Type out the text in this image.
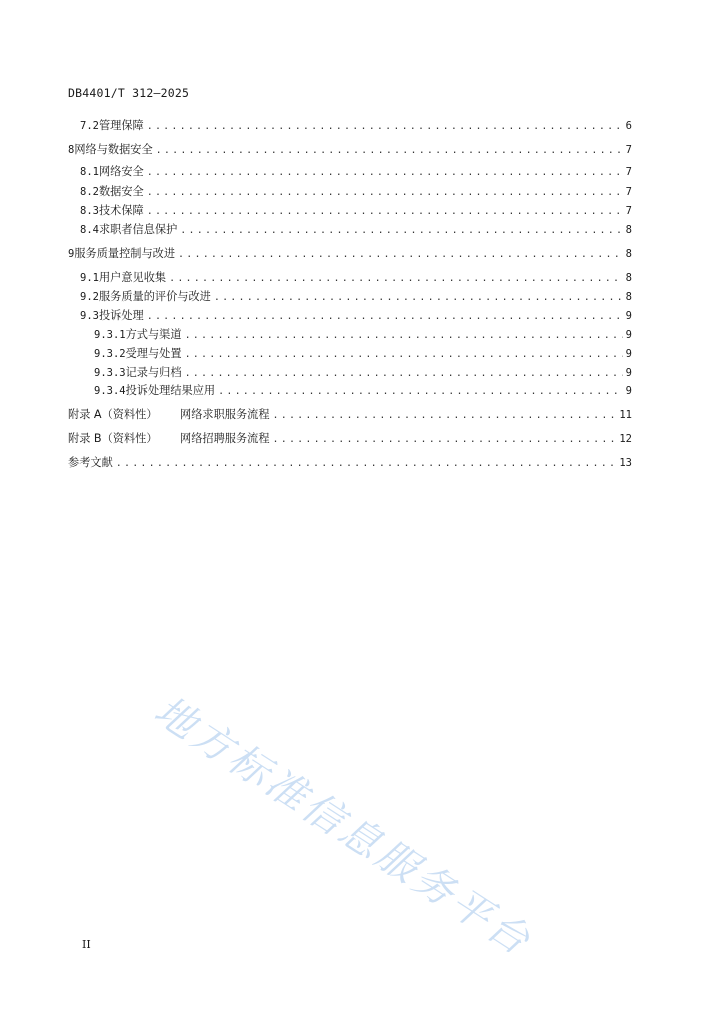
DB4401/T 312—2025
7.2 管理保障 .....	6
8 网络与数据安全 .....	7
8.1 网络安全 .....	7
8.2 数据安全 .....	7
8.3 技术保障 .....	7
8.4 求职者信息保护 .....	8
9 服务质量控制与改进 .....	8
9.1 用户意见收集 .....	8
9.2 服务质量的评价与改进 .....	8
9.3 投诉处理 .....	9
9.3.1 方式与渠道 .....	9
9.3.2 受理与处置 .....	9
9.3.3 记录与归档 .....	9
9.3.4 投诉处理结果应用 .....	9
附录 A（资料性）	网络求职服务流程 .....	11
附录 B（资料性）	网络招聘服务流程 .....	12
参考文献 .....	13
地方标准信息服务平台
II
